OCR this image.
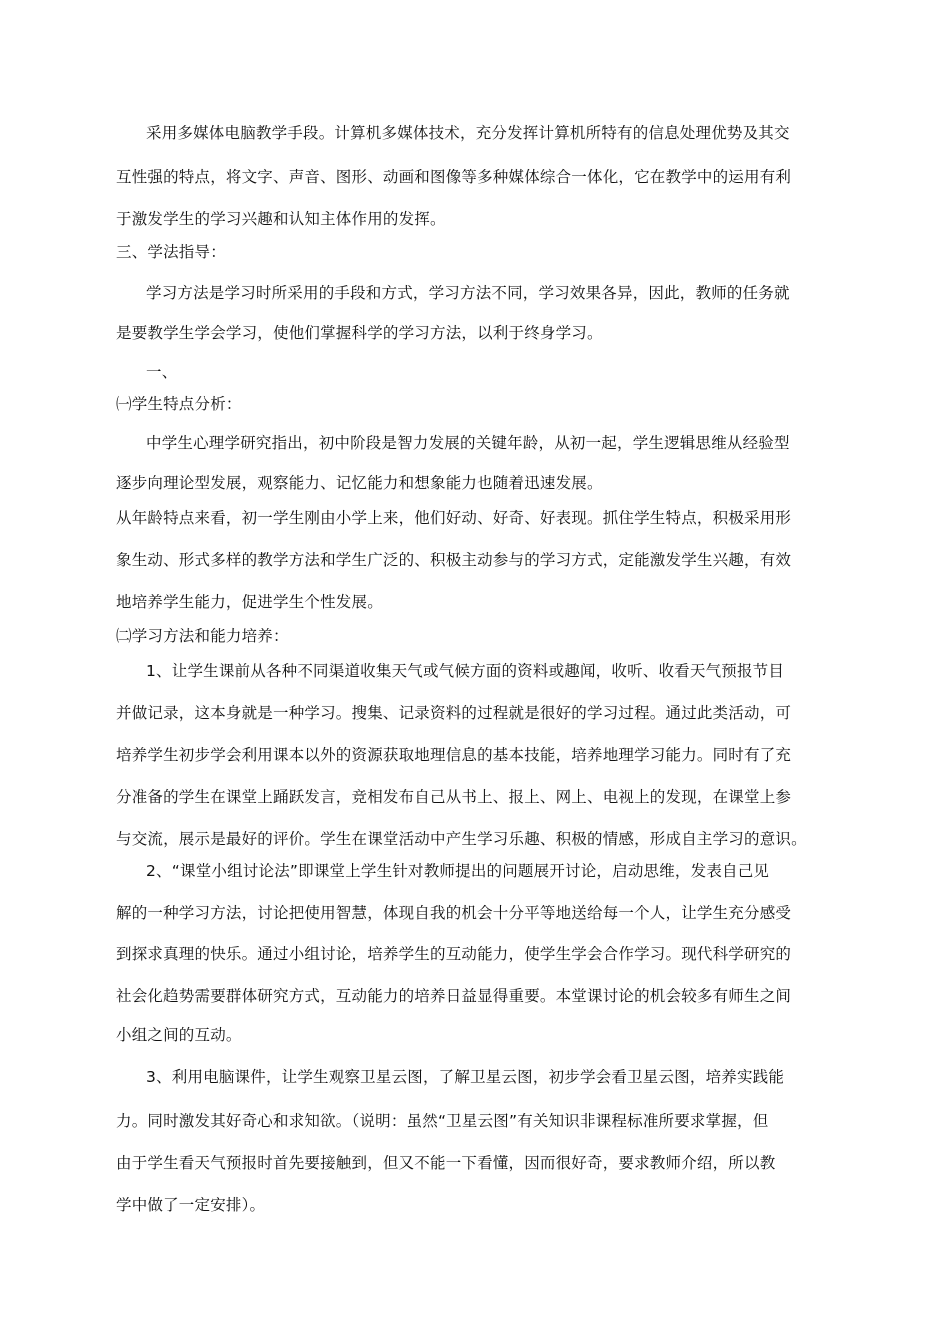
采用多媒体电脑教学手段。计算机多媒体技术，充分发挥计算机所特有的信息处理优势及其交
互性强的特点，将文字、声音、图形、动画和图像等多种媒体综合一体化，它在教学中的运用有利
于激发学生的学习兴趣和认知主体作用的发挥。
三、学法指导：
学习方法是学习时所采用的手段和方式，学习方法不同，学习效果各异，因此，教师的任务就
是要教学生学会学习，使他们掌握科学的学习方法，以利于终身学习。
一、
㈠学生特点分析：
中学生心理学研究指出，初中阶段是智力发展的关键年龄，从初一起，学生逻辑思维从经验型
逐步向理论型发展，观察能力、记忆能力和想象能力也随着迅速发展。
从年龄特点来看，初一学生刚由小学上来，他们好动、好奇、好表现。抓住学生特点，积极采用形
象生动、形式多样的教学方法和学生广泛的、积极主动参与的学习方式，定能激发学生兴趣，有效
地培养学生能力，促进学生个性发展。
㈡学习方法和能力培养：
1、让学生课前从各种不同渠道收集天气或气候方面的资料或趣闻，收听、收看天气预报节目
并做记录，这本身就是一种学习。搜集、记录资料的过程就是很好的学习过程。通过此类活动，可
培养学生初步学会利用课本以外的资源获取地理信息的基本技能，培养地理学习能力。同时有了充
分准备的学生在课堂上踊跃发言，竞相发布自己从书上、报上、网上、电视上的发现，在课堂上参
与交流，展示是最好的评价。学生在课堂活动中产生学习乐趣、积极的情感，形成自主学习的意识。
2、“课堂小组讨论法”即课堂上学生针对教师提出的问题展开讨论，启动思维，发表自己见
解的一种学习方法，讨论把使用智慧，体现自我的机会十分平等地送给每一个人，让学生充分感受
到探求真理的快乐。通过小组讨论，培养学生的互动能力，使学生学会合作学习。现代科学研究的
社会化趋势需要群体研究方式，互动能力的培养日益显得重要。本堂课讨论的机会较多有师生之间
小组之间的互动。
3、利用电脑课件，让学生观察卫星云图，了解卫星云图，初步学会看卫星云图，培养实践能
力。同时激发其好奇心和求知欲。（说明：虽然“卫星云图”有关知识非课程标准所要求掌握，但
由于学生看天气预报时首先要接触到，但又不能一下看懂，因而很好奇，要求教师介绍，所以教
学中做了一定安排）。
